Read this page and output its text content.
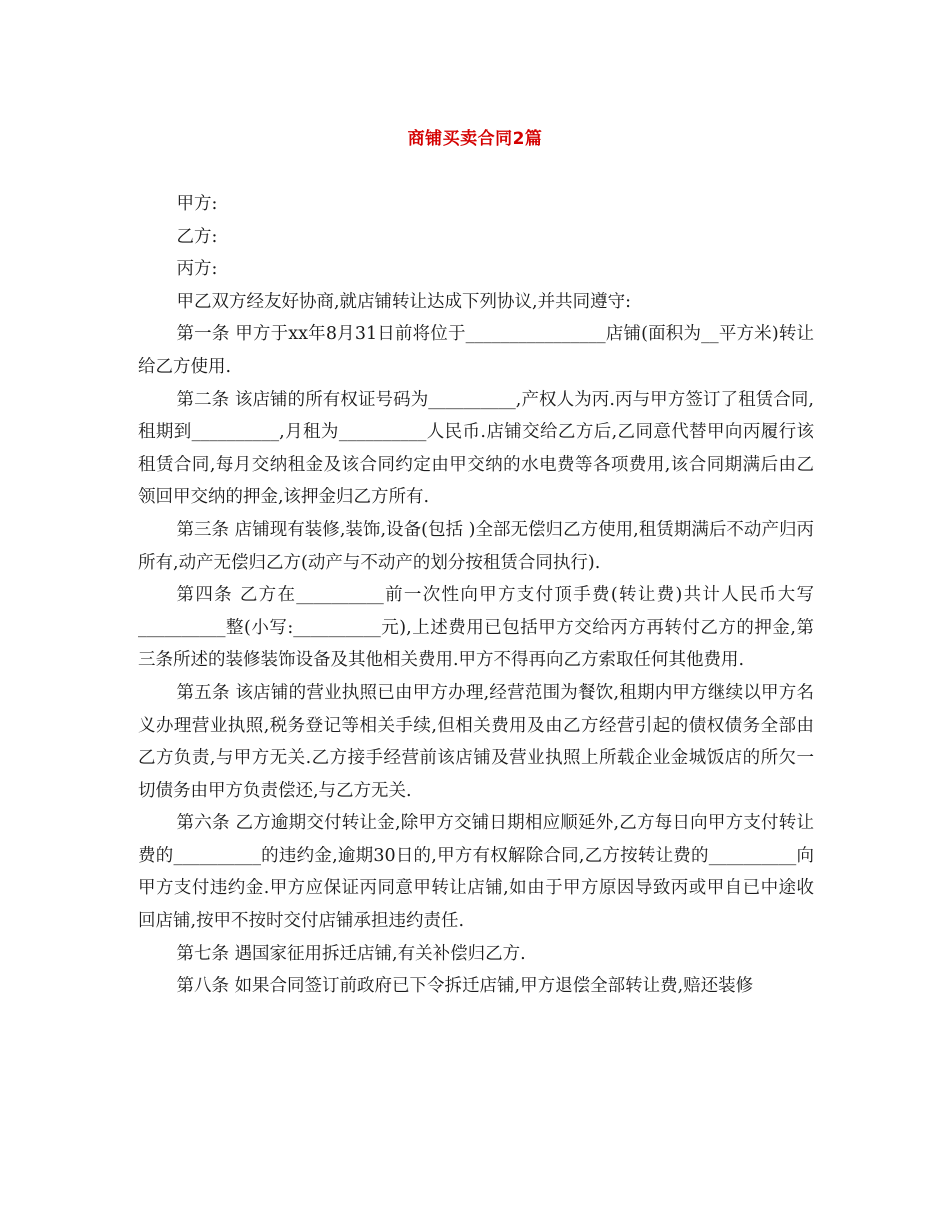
商铺买卖合同2篇

甲方:

乙方:

丙方:

甲乙双方经友好协商,就店铺转让达成下列协议,并共同遵守:

第一条 甲方于xx年8月31日前将位于________________店铺(面积为__平方米)转让给乙方使用.

第二条 该店铺的所有权证号码为__________,产权人为丙.丙与甲方签订了租赁合同,租期到__________,月租为__________人民币.店铺交给乙方后,乙同意代替甲向丙履行该租赁合同,每月交纳租金及该合同约定由甲交纳的水电费等各项费用,该合同期满后由乙领回甲交纳的押金,该押金归乙方所有.

第三条 店铺现有装修,装饰,设备(包括 )全部无偿归乙方使用,租赁期满后不动产归丙所有,动产无偿归乙方(动产与不动产的划分按租赁合同执行).

第四条 乙方在__________前一次性向甲方支付顶手费(转让费)共计人民币大写__________整(小写:__________元),上述费用已包括甲方交给丙方再转付乙方的押金,第三条所述的装修装饰设备及其他相关费用.甲方不得再向乙方索取任何其他费用.

第五条 该店铺的营业执照已由甲方办理,经营范围为餐饮,租期内甲方继续以甲方名义办理营业执照,税务登记等相关手续,但相关费用及由乙方经营引起的债权债务全部由乙方负责,与甲方无关.乙方接手经营前该店铺及营业执照上所载企业金城饭店的所欠一切债务由甲方负责偿还,与乙方无关.

第六条 乙方逾期交付转让金,除甲方交铺日期相应顺延外,乙方每日向甲方支付转让费的__________的违约金,逾期30日的,甲方有权解除合同,乙方按转让费的__________向甲方支付违约金.甲方应保证丙同意甲转让店铺,如由于甲方原因导致丙或甲自已中途收回店铺,按甲不按时交付店铺承担违约责任.

第七条 遇国家征用拆迁店铺,有关补偿归乙方.

第八条 如果合同签订前政府已下令拆迁店铺,甲方退偿全部转让费,赔还装修
